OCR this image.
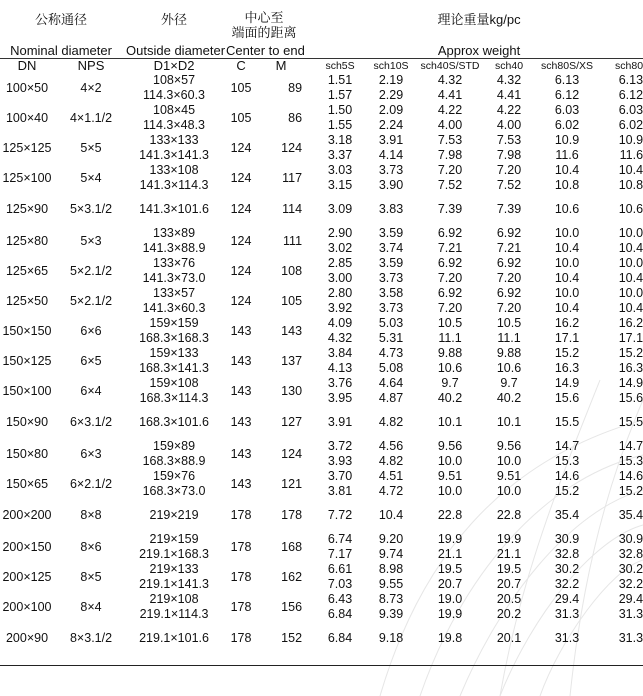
公称通径				外径		中心至
端面的距离				理论重量kg/pc					
Nominal diameter				Outside diameter		Center to end				Approx weight					
DN		NPS		D1×D2		C		M		sch5S	sch10S	sch40S/STD	sch40	sch80S/XS	sch80
100×50		4×2		108×57		105		89		1.51	2.19	4.32	4.32	6.13	6.13
				114.3×60.3						1.57	2.29	4.41	4.41	6.12	6.12
100×40		4×1.1/2		108×45		105		86		1.50	2.09	4.22	4.22	6.03	6.03
				114.3×48.3						1.55	2.24	4.00	4.00	6.02	6.02
125×125		5×5		133×133		124		124		3.18	3.91	7.53	7.53	10.9	10.9
				141.3×141.3						3.37	4.14	7.98	7.98	11.6	11.6
125×100		5×4		133×108		124		117		3.03	3.73	7.20	7.20	10.4	10.4
				141.3×114.3						3.15	3.90	7.52	7.52	10.8	10.8
125×90		5×3.1/2		141.3×101.6		124		114		3.09	3.83	7.39	7.39	10.6	10.6
125×80		5×3		133×89		124		111		2.90	3.59	6.92	6.92	10.0	10.0
				141.3×88.9						3.02	3.74	7.21	7.21	10.4	10.4
125×65		5×2.1/2		133×76		124		108		2.85	3.59	6.92	6.92	10.0	10.0
				141.3×73.0						3.00	3.73	7.20	7.20	10.4	10.4
125×50		5×2.1/2		133×57		124		105		2.80	3.58	6.92	6.92	10.0	10.0
				141.3×60.3						3.92	3.73	7.20	7.20	10.4	10.4
150×150		6×6		159×159		143		143		4.09	5.03	10.5	10.5	16.2	16.2
				168.3×168.3						4.32	5.31	11.1	11.1	17.1	17.1
150×125		6×5		159×133		143		137		3.84	4.73	9.88	9.88	15.2	15.2
				168.3×141.3						4.13	5.08	10.6	10.6	16.3	16.3
150×100		6×4		159×108		143		130		3.76	4.64	9.7	9.7	14.9	14.9
				168.3×114.3						3.95	4.87	40.2	40.2	15.6	15.6
150×90		6×3.1/2		168.3×101.6		143		127		3.91	4.82	10.1	10.1	15.5	15.5
150×80		6×3		159×89		143		124		3.72	4.56	9.56	9.56	14.7	14.7
				168.3×88.9						3.93	4.82	10.0	10.0	15.3	15.3
150×65		6×2.1/2		159×76		143		121		3.70	4.51	9.51	9.51	14.6	14.6
				168.3×73.0						3.81	4.72	10.0	10.0	15.2	15.2
200×200		8×8		219×219		178		178		7.72	10.4	22.8	22.8	35.4	35.4
200×150		8×6		219×159		178		168		6.74	9.20	19.9	19.9	30.9	30.9
				219.1×168.3						7.17	9.74	21.1	21.1	32.8	32.8
200×125		8×5		219×133		178		162		6.61	8.98	19.5	19.5	30.2	30.2
				219.1×141.3						7.03	9.55	20.7	20.7	32.2	32.2
200×100		8×4		219×108		178		156		6.43	8.73	19.0	20.5	29.4	29.4
				219.1×114.3						6.84	9.39	19.9	20.2	31.3	31.3
200×90		8×3.1/2		219.1×101.6		178		152		6.84	9.18	19.8	20.1	31.3	31.3
